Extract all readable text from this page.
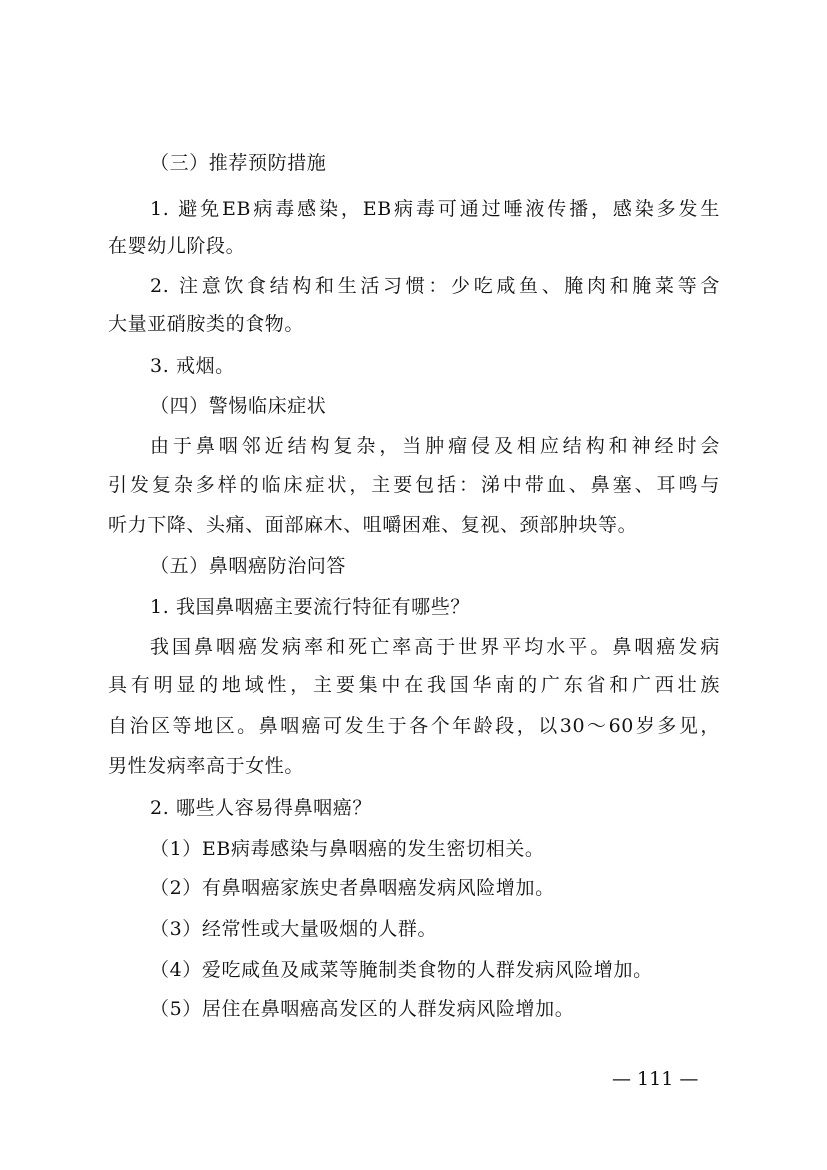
（三）推荐预防措施
1. 避免EB病毒感染，EB病毒可通过唾液传播，感染多发生
在婴幼儿阶段。
2. 注意饮食结构和生活习惯：少吃咸鱼、腌肉和腌菜等含
大量亚硝胺类的食物。
3. 戒烟。
（四）警惕临床症状
由于鼻咽邻近结构复杂，当肿瘤侵及相应结构和神经时会
引发复杂多样的临床症状，主要包括：涕中带血、鼻塞、耳鸣与
听力下降、头痛、面部麻木、咀嚼困难、复视、颈部肿块等。
（五）鼻咽癌防治问答
1. 我国鼻咽癌主要流行特征有哪些？
我国鼻咽癌发病率和死亡率高于世界平均水平。鼻咽癌发病
具有明显的地域性，主要集中在我国华南的广东省和广西壮族
自治区等地区。鼻咽癌可发生于各个年龄段，以30～60岁多见，
男性发病率高于女性。
2. 哪些人容易得鼻咽癌？
（1）EB病毒感染与鼻咽癌的发生密切相关。
（2）有鼻咽癌家族史者鼻咽癌发病风险增加。
（3）经常性或大量吸烟的人群。
（4）爱吃咸鱼及咸菜等腌制类食物的人群发病风险增加。
（5）居住在鼻咽癌高发区的人群发病风险增加。
— 111 —
